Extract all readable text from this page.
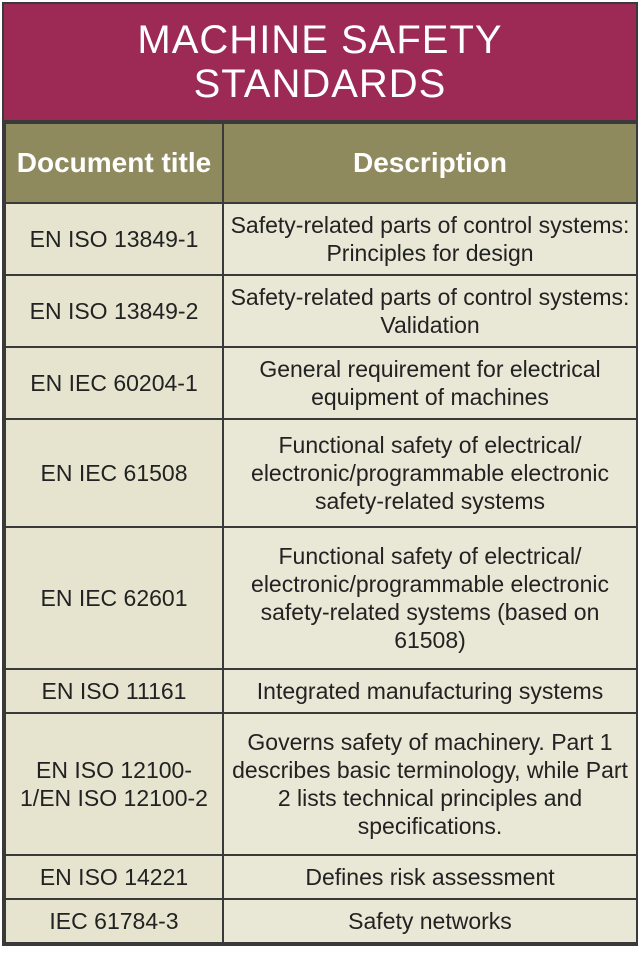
MACHINE SAFETY
STANDARDS
Document title	Description
EN ISO 13849-1	Safety-related parts of control systems: Principles for design
EN ISO 13849-2	Safety-related parts of control systems: Validation
EN IEC 60204-1	General requirement for electrical equipment of machines
EN IEC 61508	Functional safety of electrical/ electronic/programmable electronic safety-related systems
EN IEC 62601	Functional safety of electrical/ electronic/programmable electronic safety-related systems (based on 61508)
EN ISO 11161	Integrated manufacturing systems
EN ISO 12100-1/EN ISO 12100-2	Governs safety of machinery. Part 1 describes basic terminology, while Part 2 lists technical principles and specifications.
EN ISO 14221	Defines risk assessment
IEC 61784-3	Safety networks
